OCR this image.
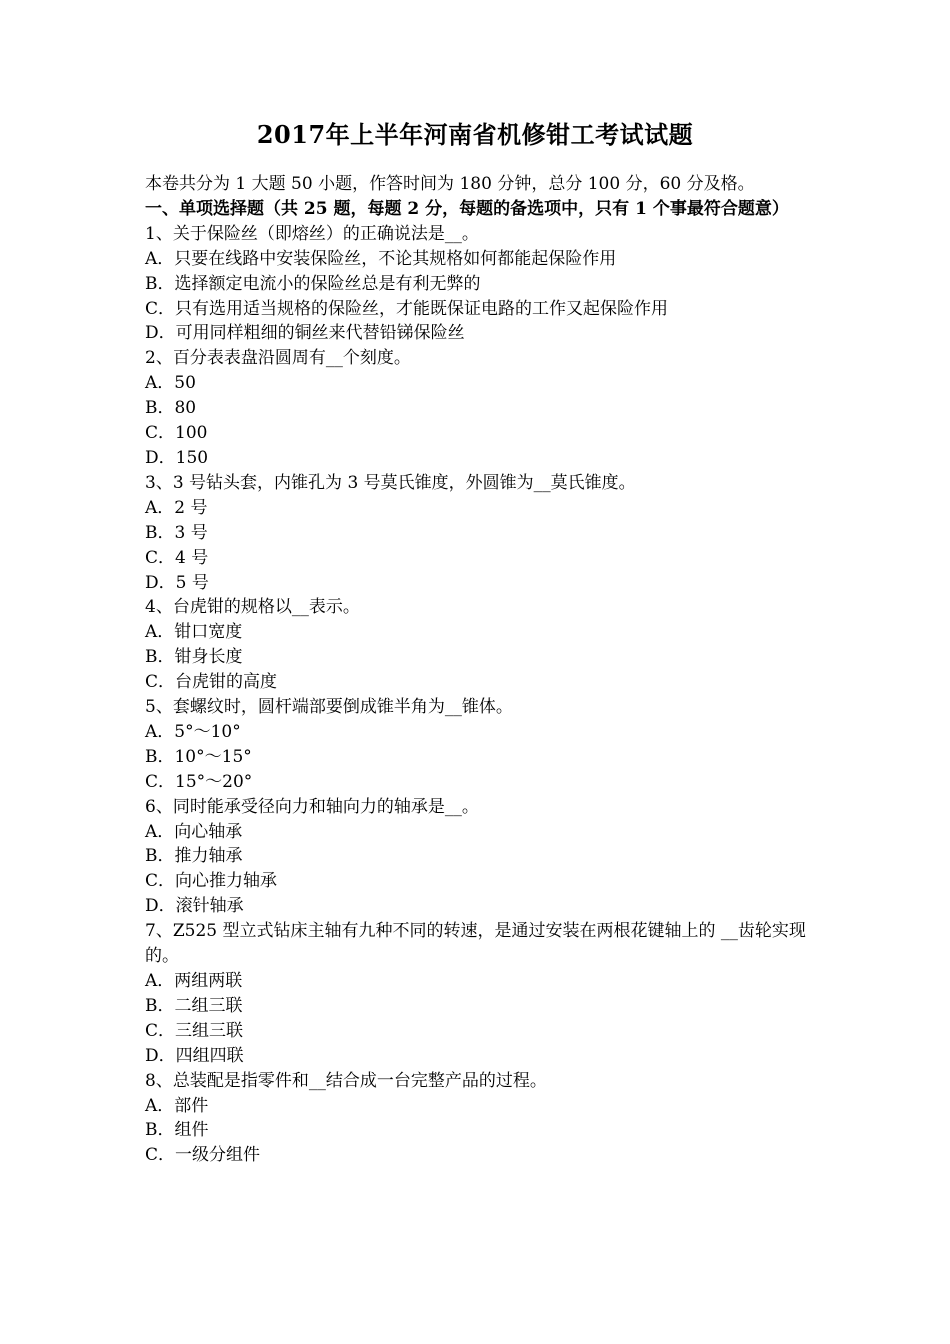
2017年上半年河南省机修钳工考试试题
本卷共分为 1 大题 50 小题，作答时间为 180 分钟，总分 100 分，60 分及格。
一、单项选择题（共 25 题，每题 2 分，每题的备选项中，只有 1 个事最符合题意）
1、关于保险丝（即熔丝）的正确说法是__。
A．只要在线路中安装保险丝，不论其规格如何都能起保险作用
B．选择额定电流小的保险丝总是有利无弊的
C．只有选用适当规格的保险丝，才能既保证电路的工作又起保险作用
D．可用同样粗细的铜丝来代替铅锑保险丝
2、百分表表盘沿圆周有__个刻度。
A．50
B．80
C．100
D．150
3、3 号钻头套，内锥孔为 3 号莫氏锥度，外圆锥为__莫氏锥度。
A．2 号
B．3 号
C．4 号
D．5 号
4、台虎钳的规格以__表示。
A．钳口宽度
B．钳身长度
C．台虎钳的高度
5、套螺纹时，圆杆端部要倒成锥半角为__锥体。
A．5°～10°
B．10°～15°
C．15°～20°
6、同时能承受径向力和轴向力的轴承是__。
A．向心轴承
B．推力轴承
C．向心推力轴承
D．滚针轴承
7、Z525 型立式钻床主轴有九种不同的转速，是通过安装在两根花键轴上的 __齿轮实现的。
A．两组两联
B．二组三联
C．三组三联
D．四组四联
8、总装配是指零件和__结合成一台完整产品的过程。
A．部件
B．组件
C．一级分组件
